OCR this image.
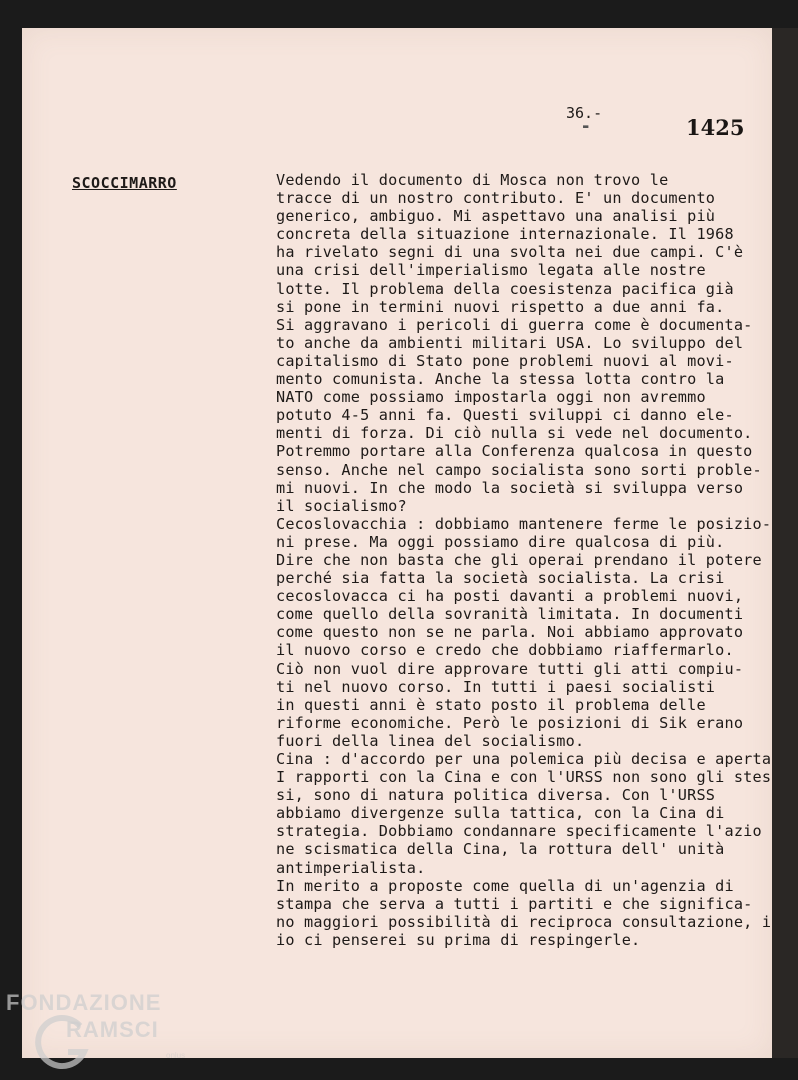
36.-
▬	1425
SCOCCIMARRO	Vedendo il documento di Mosca non trovo le
tracce di un nostro contributo. E' un documento
generico, ambiguo. Mi aspettavo una analisi più
concreta della situazione internazionale. Il 1968
ha rivelato segni di una svolta nei due campi. C'è
una crisi dell'imperialismo legata alle nostre
lotte. Il problema della coesistenza pacifica già
si pone in termini nuovi rispetto a due anni fa.
Si aggravano i pericoli di guerra come è documenta-
to anche da ambienti militari USA. Lo sviluppo del
capitalismo di Stato pone problemi nuovi al movi-
mento comunista. Anche la stessa lotta contro la
NATO come possiamo impostarla oggi non avremmo
potuto 4-5 anni fa. Questi sviluppi ci danno ele-
menti di forza. Di ciò nulla si vede nel documento.
Potremmo portare alla Conferenza qualcosa in questo
senso. Anche nel campo socialista sono sorti proble-
mi nuovi. In che modo la società si sviluppa verso
il socialismo?
Cecoslovacchia : dobbiamo mantenere ferme le posizio-
ni prese. Ma oggi possiamo dire qualcosa di più.
Dire che non basta che gli operai prendano il potere
perché sia fatta la società socialista. La crisi
cecoslovacca ci ha posti davanti a problemi nuovi,
come quello della sovranità limitata. In documenti
come questo non se ne parla. Noi abbiamo approvato
il nuovo corso e credo che dobbiamo riaffermarlo.
Ciò non vuol dire approvare tutti gli atti compiu-
ti nel nuovo corso. In tutti i paesi socialisti
in questi anni è stato posto il problema delle
riforme economiche. Però le posizioni di Sik erano
fuori della linea del socialismo.
Cina : d'accordo per una polemica più decisa e aperta
I rapporti con la Cina e con l'URSS non sono gli stes
si, sono di natura politica diversa. Con l'URSS
abbiamo divergenze sulla tattica, con la Cina di
strategia. Dobbiamo condannare specificamente l'azio
ne scismatica della Cina, la rottura dell' unità
antimperialista.
In merito a proposte come quella di un'agenzia di
stampa che serva a tutti i partiti e che significa-
no maggiori possibilità di reciproca consultazione, i
io ci penserei su prima di respingerle.
FONDAZIONE
RAMSCI
onlus
